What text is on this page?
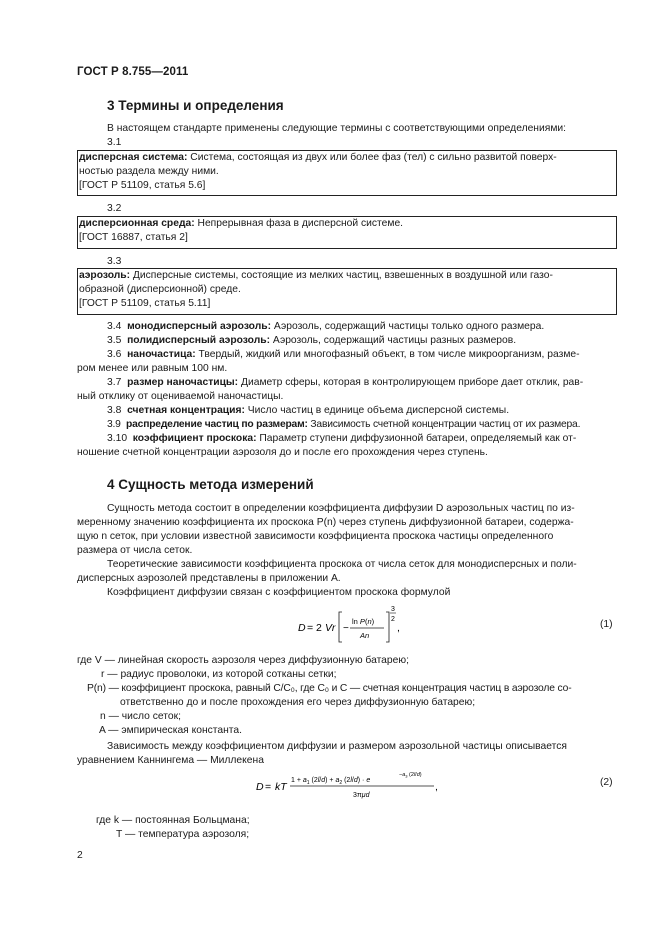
ГОСТ Р 8.755—2011
3 Термины и определения
В настоящем стандарте применены следующие термины с соответствующими определениями:
3.1
дисперсная система: Система, состоящая из двух или более фаз (тел) с сильно развитой поверх-
ностью раздела между ними.
[ГОСТ Р 51109, статья 5.6]
3.2
дисперсионная среда: Непрерывная фаза в дисперсной системе.
[ГОСТ 16887, статья 2]
3.3
аэрозоль: Дисперсные системы, состоящие из мелких частиц, взвешенных в воздушной или газо-
образной (дисперсионной) среде.
[ГОСТ Р 51109, статья 5.11]
3.4 монодисперсный аэрозоль: Аэрозоль, содержащий частицы только одного размера.
3.5 полидисперсный аэрозоль: Аэрозоль, содержащий частицы разных размеров.
3.6 наночастица: Твердый, жидкий или многофазный объект, в том числе микроорганизм, разме-
ром менее или равным 100 нм.
3.7 размер наночастицы: Диаметр сферы, которая в контролирующем приборе дает отклик, рав-
ный отклику от оцениваемой наночастицы.
3.8 счетная концентрация: Число частиц в единице объема дисперсной системы.
3.9 распределение частиц по размерам: Зависимость счетной концентрации частиц от их размера.
3.10 коэффициент проскока: Параметр ступени диффузионной батареи, определяемый как от-
ношение счетной концентрации аэрозоля до и после его прохождения через ступень.
4 Сущность метода измерений
Сущность метода состоит в определении коэффициента диффузии D аэрозольных частиц по из-
меренному значению коэффициента их проскока P(n) через ступень диффузионной батареи, содержа-
щую n сеток, при условии известной зависимости коэффициента проскока частицы определенного
размера от числа сеток.
Теоретические зависимости коэффициента проскока от числа сеток для монодисперсных и поли-
дисперсных аэрозолей представлены в приложении А.
Коэффициент диффузии связан с коэффициентом проскока формулой
D = 2 Vr −
ln P(n)
An
3
2
,	(1)
где V — линейная скорость аэрозоля через диффузионную батарею;
r — радиус проволоки, из которой сотканы сетки;
P(n) — коэффициент проскока, равный C/C₀, где C₀ и C — счетная концентрация частиц в аэрозоле со-
ответственно до и после прохождения его через диффузионную батарею;
n — число сеток;
A — эмпирическая константа.
Зависимость между коэффициентом диффузии и размером аэрозольной частицы описывается
уравнением Каннингема — Миллекена
D = kT
$1 + a_1$ $(2l/d) + a_2$ (2l/d) · e
$-a_3$ (2l/d)
3πμd
,	(2)
где k — постоянная Больцмана;
T — температура аэрозоля;
2
